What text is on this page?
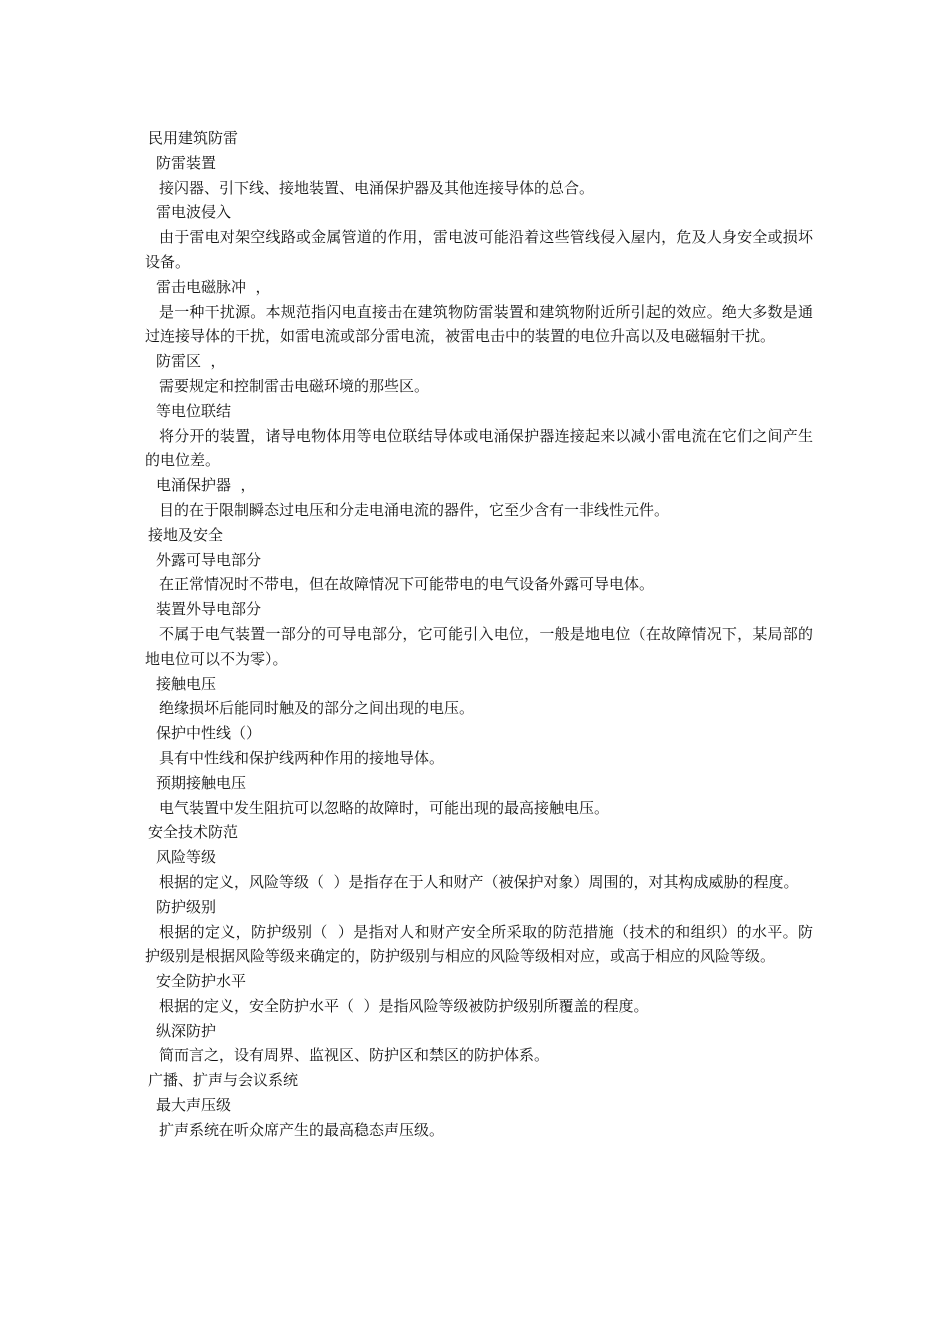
民用建筑防雷

防雷装置

接闪器、引下线、接地装置、电涌保护器及其他连接导体的总合。

雷电波侵入

由于雷电对架空线路或金属管道的作用，雷电波可能沿着这些管线侵入屋内，危及人身安全或损坏设备。

雷击电磁脉冲  ，

是一种干扰源。本规范指闪电直接击在建筑物防雷装置和建筑物附近所引起的效应。绝大多数是通过连接导体的干扰，如雷电流或部分雷电流，被雷电击中的装置的电位升高以及电磁辐射干扰。

防雷区  ，

需要规定和控制雷击电磁环境的那些区。

等电位联结

将分开的装置，诸导电物体用等电位联结导体或电涌保护器连接起来以减小雷电流在它们之间产生的电位差。

电涌保护器  ，

目的在于限制瞬态过电压和分走电涌电流的器件，它至少含有一非线性元件。

接地及安全

外露可导电部分

在正常情况时不带电，但在故障情况下可能带电的电气设备外露可导电体。

装置外导电部分

不属于电气装置一部分的可导电部分，它可能引入电位，一般是地电位（在故障情况下，某局部的地电位可以不为零）。

接触电压

绝缘损坏后能同时触及的部分之间出现的电压。

保护中性线（）

具有中性线和保护线两种作用的接地导体。

预期接触电压

电气装置中发生阻抗可以忽略的故障时，可能出现的最高接触电压。

安全技术防范

风险等级

根据的定义，风险等级（  ）是指存在于人和财产（被保护对象）周围的，对其构成威胁的程度。

防护级别

根据的定义，防护级别（  ）是指对人和财产安全所采取的防范措施（技术的和组织）的水平。防护级别是根据风险等级来确定的，防护级别与相应的风险等级相对应，或高于相应的风险等级。

安全防护水平

根据的定义，安全防护水平（  ）是指风险等级被防护级别所覆盖的程度。

纵深防护

简而言之，设有周界、监视区、防护区和禁区的防护体系。

广播、扩声与会议系统

最大声压级

扩声系统在听众席产生的最高稳态声压级。
